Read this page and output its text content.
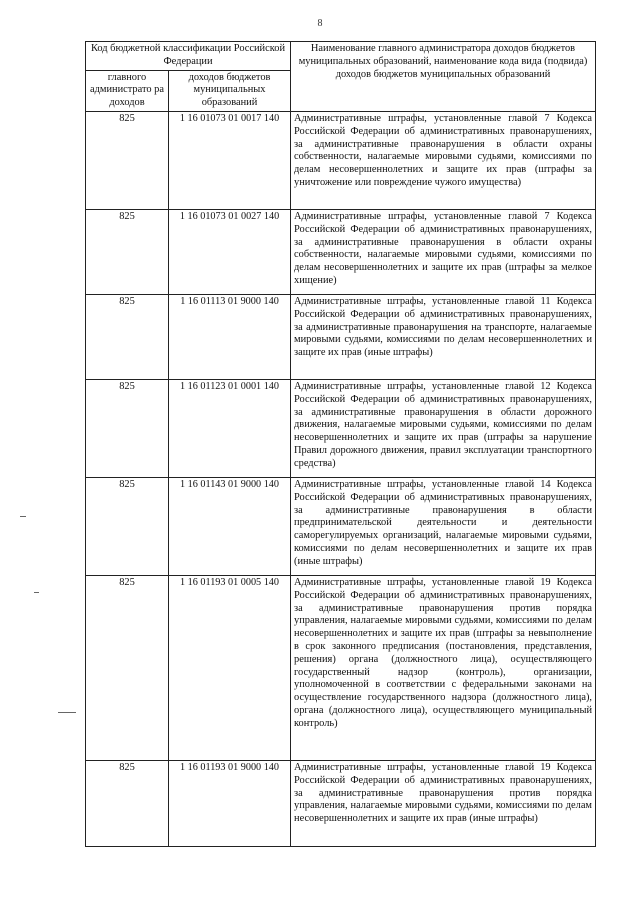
8
Код бюджетной классификации Российской Федерации		Наименование главного администратора доходов бюджетов муниципальных образований, наименование кода вида (подвида) доходов бюджетов муниципальных образований
главного администрато ра доходов	доходов бюджетов муниципальных образований	
825	1 16 01073 01 0017 140	Административные штрафы, установленные главой 7 Кодекса Российской Федерации об административных правонарушениях, за административные правонарушения в области охраны собственности, налагаемые мировыми судьями, комиссиями по делам несовершеннолетних и защите их прав (штрафы за уничтожение или повреждение чужого имущества)
825	1 16 01073 01 0027 140	Административные штрафы, установленные главой 7 Кодекса Российской Федерации об административных правонарушениях, за административные правонарушения в области охраны собственности, налагаемые мировыми судьями, комиссиями по делам несовершеннолетних и защите их прав (штрафы за мелкое хищение)
825	1 16 01113 01 9000 140	Административные штрафы, установленные главой 11 Кодекса Российской Федерации об административных правонарушениях, за административные правонарушения на транспорте, налагаемые мировыми судьями, комиссиями по делам несовершеннолетних и защите их прав (иные штрафы)
825	1 16 01123 01 0001 140	Административные штрафы, установленные главой 12 Кодекса Российской Федерации об административных правонарушениях, за административные правонарушения в области дорожного движения, налагаемые мировыми судьями, комиссиями по делам несовершеннолетних и защите их прав (штрафы за нарушение Правил дорожного движения, правил эксплуатации транспортного средства)
825	1 16 01143 01 9000 140	Административные штрафы, установленные главой 14 Кодекса Российской Федерации об административных правонарушениях, за административные правонарушения в области предпринимательской деятельности и деятельности саморегулируемых организаций, налагаемые мировыми судьями, комиссиями по делам несовершеннолетних и защите их прав (иные штрафы)
825	1 16 01193 01 0005 140	Административные штрафы, установленные главой 19 Кодекса Российской Федерации об административных правонарушениях, за административные правонарушения против порядка управления, налагаемые мировыми судьями, комиссиями по делам несовершеннолетних и защите их прав (штрафы за невыполнение в срок законного предписания (постановления, представления, решения) органа (должностного лица), осуществляющего государственный надзор (контроль), организации, уполномоченной в соответствии с федеральными законами на осуществление государственного надзора (должностного лица), органа (должностного лица), осуществляющего муниципальный контроль)
825	1 16 01193 01 9000 140	Административные штрафы, установленные главой 19 Кодекса Российской Федерации об административных правонарушениях, за административные правонарушения против порядка управления, налагаемые мировыми судьями, комиссиями по делам несовершеннолетних и защите их прав (иные штрафы)
